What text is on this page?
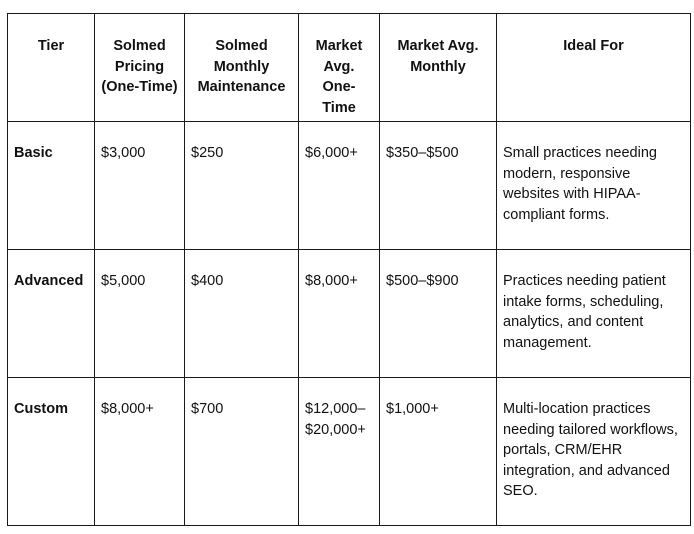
Tier	Solmed Pricing (One-Time)	Solmed Monthly Maintenance	Market Avg. One-Time	Market Avg. Monthly	Ideal For
Basic	$3,000	$250	$6,000+	$350–$500	Small practices needing modern, responsive websites with HIPAA-compliant forms.
Advanced	$5,000	$400	$8,000+	$500–$900	Practices needing patient intake forms, scheduling, analytics, and content management.
Custom	$8,000+	$700	$12,000–$20,000+	$1,000+	Multi-location practices needing tailored workflows, portals, CRM/EHR integration, and advanced SEO.
